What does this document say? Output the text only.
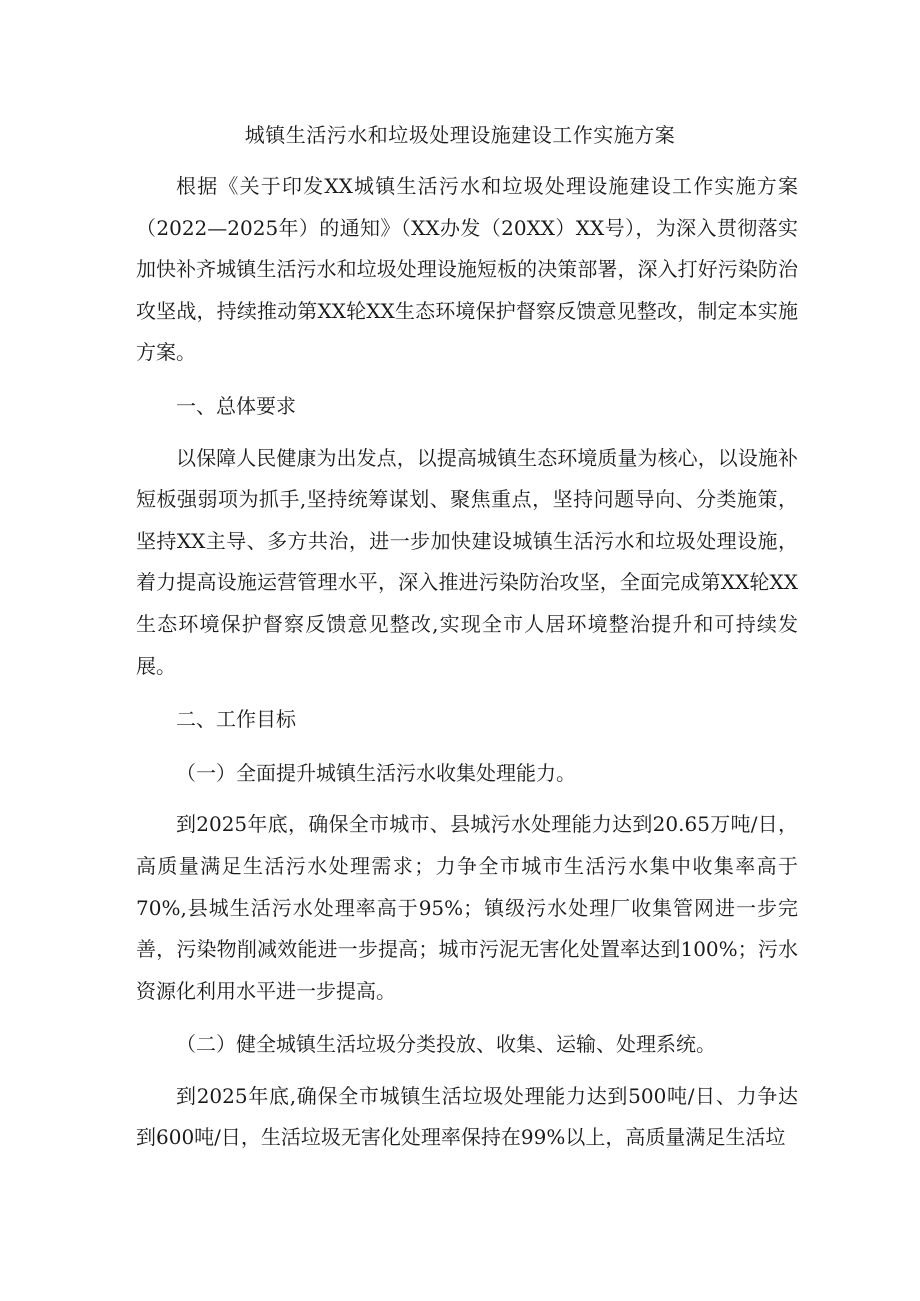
城镇生活污水和垃圾处理设施建设工作实施方案

根据《关于印发XX城镇生活污水和垃圾处理设施建设工作实施方案（2022—2025年）的通知》（XX办发（20XX）XX号），为深入贯彻落实加快补齐城镇生活污水和垃圾处理设施短板的决策部署，深入打好污染防治攻坚战，持续推动第XX轮XX生态环境保护督察反馈意见整改，制定本实施方案。

一、总体要求

以保障人民健康为出发点，以提高城镇生态环境质量为核心，以设施补短板强弱项为抓手,坚持统筹谋划、聚焦重点，坚持问题导向、分类施策，坚持XX主导、多方共治，进一步加快建设城镇生活污水和垃圾处理设施，着力提高设施运营管理水平，深入推进污染防治攻坚，全面完成第XX轮XX生态环境保护督察反馈意见整改,实现全市人居环境整治提升和可持续发展。

二、工作目标

（一）全面提升城镇生活污水收集处理能力。

到2025年底，确保全市城市、县城污水处理能力达到20.65万吨/日，高质量满足生活污水处理需求；力争全市城市生活污水集中收集率高于70%,县城生活污水处理率高于95%；镇级污水处理厂收集管网进一步完善，污染物削减效能进一步提高；城市污泥无害化处置率达到100%；污水资源化利用水平进一步提高。

（二）健全城镇生活垃圾分类投放、收集、运输、处理系统。

到2025年底,确保全市城镇生活垃圾处理能力达到500吨/日、力争达到600吨/日，生活垃圾无害化处理率保持在99%以上，高质量满足生活垃
